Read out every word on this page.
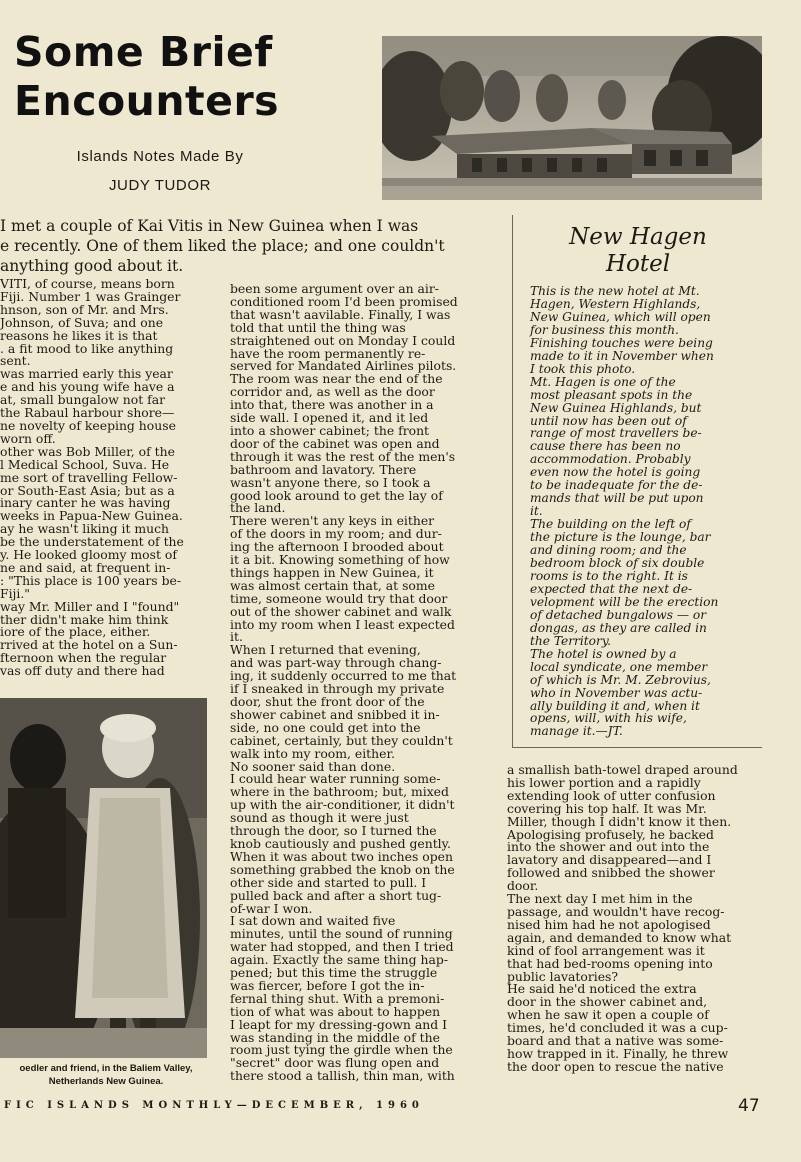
Some Brief
Encounters
Islands Notes Made By
JUDY TUDOR
I met a couple of Kai Vitis in New Guinea when I was
e recently. One of them liked the place; and one couldn't
anything good about it.

VITI, of course, means born

Fiji. Number 1 was Grainger

hnson, son of Mr. and Mrs.

Johnson, of Suva; and one

reasons he likes it is that

. a fit mood to like anything

sent.

was married early this year

e and his young wife have a

at, small bungalow not far

the Rabaul harbour shore—

ne novelty of keeping house

worn off.

other was Bob Miller, of the

l Medical School, Suva. He

me sort of travelling Fellow-

or South-East Asia; but as a

inary canter he was having

weeks in Papua-New Guinea.

ay he wasn't liking it much

be the understatement of the

y. He looked gloomy most of

ne and said, at frequent in-

: "This place is 100 years be-

Fiji."

way Mr. Miller and I "found"

ther didn't make him think

iore of the place, either.

rrived at the hotel on a Sun-

fternoon when the regular

vas off duty and there had

oedler and friend, in the Baliem Valley,
Netherlands New Guinea.

been some argument over an air-

conditioned room I'd been promised

that wasn't aavilable. Finally, I was

told that until the thing was

straightened out on Monday I could

have the room permanently re-

served for Mandated Airlines pilots.

The room was near the end of the

corridor and, as well as the door

into that, there was another in a

side wall. I opened it, and it led

into a shower cabinet; the front

door of the cabinet was open and

through it was the rest of the men's

bathroom and lavatory. There

wasn't anyone there, so I took a

good look around to get the lay of

the land.

There weren't any keys in either

of the doors in my room; and dur-

ing the afternoon I brooded about

it a bit. Knowing something of how

things happen in New Guinea, it

was almost certain that, at some

time, someone would try that door

out of the shower cabinet and walk

into my room when I least expected

it.

When I returned that evening,

and was part-way through chang-

ing, it suddenly occurred to me that

if I sneaked in through my private

door, shut the front door of the

shower cabinet and snibbed it in-

side, no one could get into the

cabinet, certainly, but they couldn't

walk into my room, either.

No sooner said than done.

I could hear water running some-

where in the bathroom; but, mixed

up with the air-conditioner, it didn't

sound as though it were just

through the door, so I turned the

knob cautiously and pushed gently.

When it was about two inches open

something grabbed the knob on the

other side and started to pull. I

pulled back and after a short tug-

of-war I won.

I sat down and waited five

minutes, until the sound of running

water had stopped, and then I tried

again. Exactly the same thing hap-

pened; but this time the struggle

was fiercer, before I got the in-

fernal thing shut. With a premoni-

tion of what was about to happen

I leapt for my dressing-gown and I

was standing in the middle of the

room just tying the girdle when the

"secret" door was flung open and

there stood a tallish, thin man, with

New Hagen
Hotel

This is the new hotel at Mt.

Hagen, Western Highlands,

New Guinea, which will open

for business this month.

Finishing touches were being

made to it in November when

I took this photo.

Mt. Hagen is one of the

most pleasant spots in the

New Guinea Highlands, but

until now has been out of

range of most travellers be-

cause there has been no

accommodation. Probably

even now the hotel is going

to be inadequate for the de-

mands that will be put upon

it.

The building on the left of

the picture is the lounge, bar

and dining room; and the

bedroom block of six double

rooms is to the right. It is

expected that the next de-

velopment will be the erection

of detached bungalows — or

dongas, as they are called in

the Territory.

The hotel is owned by a

local syndicate, one member

of which is Mr. M. Zebrovius,

who in November was actu-

ally building it and, when it

opens, will, with his wife,

manage it.—JT.

a smallish bath-towel draped around

his lower portion and a rapidly

extending look of utter confusion

covering his top half. It was Mr.

Miller, though I didn't know it then.

Apologising profusely, he backed

into the shower and out into the

lavatory and disappeared—and I

followed and snibbed the shower

door.

The next day I met him in the

passage, and wouldn't have recog-

nised him had he not apologised

again, and demanded to know what

kind of fool arrangement was it

that had bed-rooms opening into

public lavatories?

He said he'd noticed the extra

door in the shower cabinet and,

when he saw it open a couple of

times, he'd concluded it was a cup-

board and that a native was some-

how trapped in it. Finally, he threw

the door open to rescue the native

FIC ISLANDS MONTHLY—DECEMBER, 1960	47
